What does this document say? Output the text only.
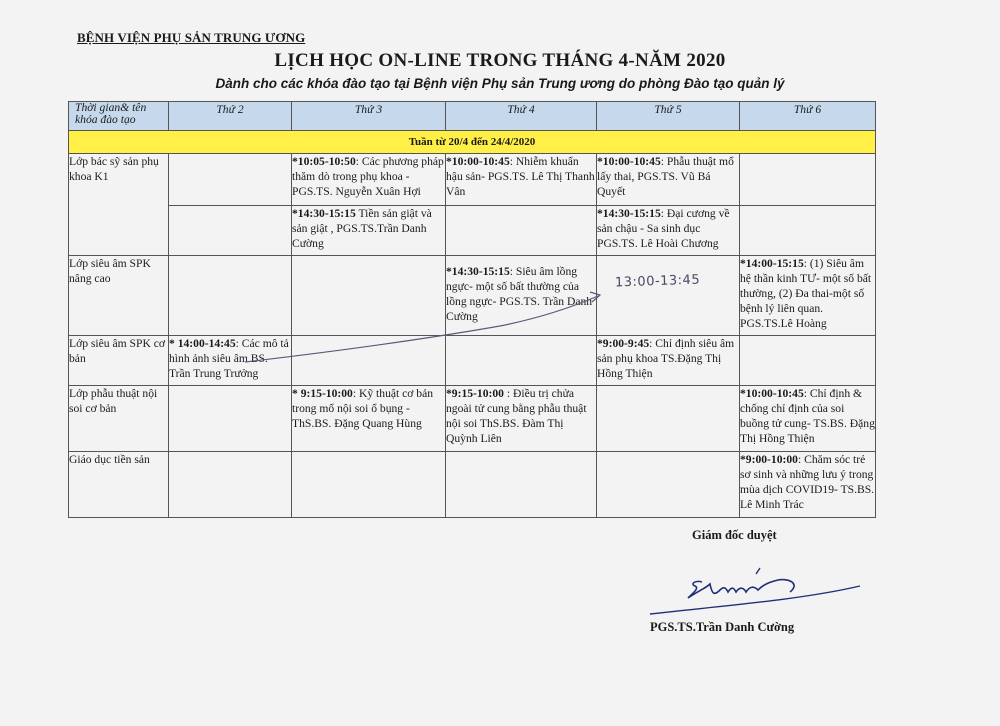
BỆNH VIỆN PHỤ SẢN TRUNG ƯƠNG
LỊCH HỌC ON-LINE TRONG THÁNG 4-NĂM 2020
Dành cho các khóa đào tạo tại Bệnh viện Phụ sản Trung ương do phòng Đào tạo quản lý
Thời gian& tên khóa đào tạo	Thứ 2	Thứ 3	Thứ 4	Thứ 5	Thứ 6
Tuần từ 20/4 đến 24/4/2020					
Lớp bác sỹ sản phụ khoa K1		*10:05-10:50: Các phương pháp thăm dò trong phụ khoa - PGS.TS. Nguyễn Xuân Hợi	*10:00-10:45: Nhiễm khuẩn hậu sản- PGS.TS. Lê Thị Thanh Vân	*10:00-10:45: Phẫu thuật mổ lấy thai, PGS.TS. Vũ Bá Quyết	
		*14:30-15:15 Tiền sản giật và sản giật , PGS.TS.Trần Danh Cường		*14:30-15:15: Đại cương về sản chậu - Sa sinh dục PGS.TS. Lê Hoài Chương	
Lớp siêu âm SPK nâng cao			*14:30-15:15: Siêu âm lồng ngực- một số bất thường của lồng ngực- PGS.TS. Trần Danh Cường		*14:00-15:15: (1) Siêu âm hệ thần kinh TƯ- một số bất thường, (2) Đa thai-một số bệnh lý liên quan. PGS.TS.Lê Hoàng
Lớp siêu âm SPK cơ bản	* 14:00-14:45: Các mô tả hình ảnh siêu âm BS. Trần Trung Trưởng			*9:00-9:45: Chỉ định siêu âm sản phụ khoa TS.Đặng Thị Hồng Thiện	
Lớp phẫu thuật nội soi cơ bản		* 9:15-10:00: Kỹ thuật cơ bản trong mổ nội soi ổ bụng - ThS.BS. Đặng Quang Hùng	*9:15-10:00 : Điều trị chửa ngoài tử cung bằng phẫu thuật nội soi ThS.BS. Đàm Thị Quỳnh Liên		*10:00-10:45: Chỉ định & chống chỉ định của soi buồng tử cung- TS.BS. Đặng Thị Hồng Thiện
Giáo dục tiền sản					*9:00-10:00: Chăm sóc trẻ sơ sinh và những lưu ý trong mùa dịch COVID19- TS.BS. Lê Minh Trác
13:00-13:45
Giám đốc duyệt
PGS.TS.Trần Danh Cường
